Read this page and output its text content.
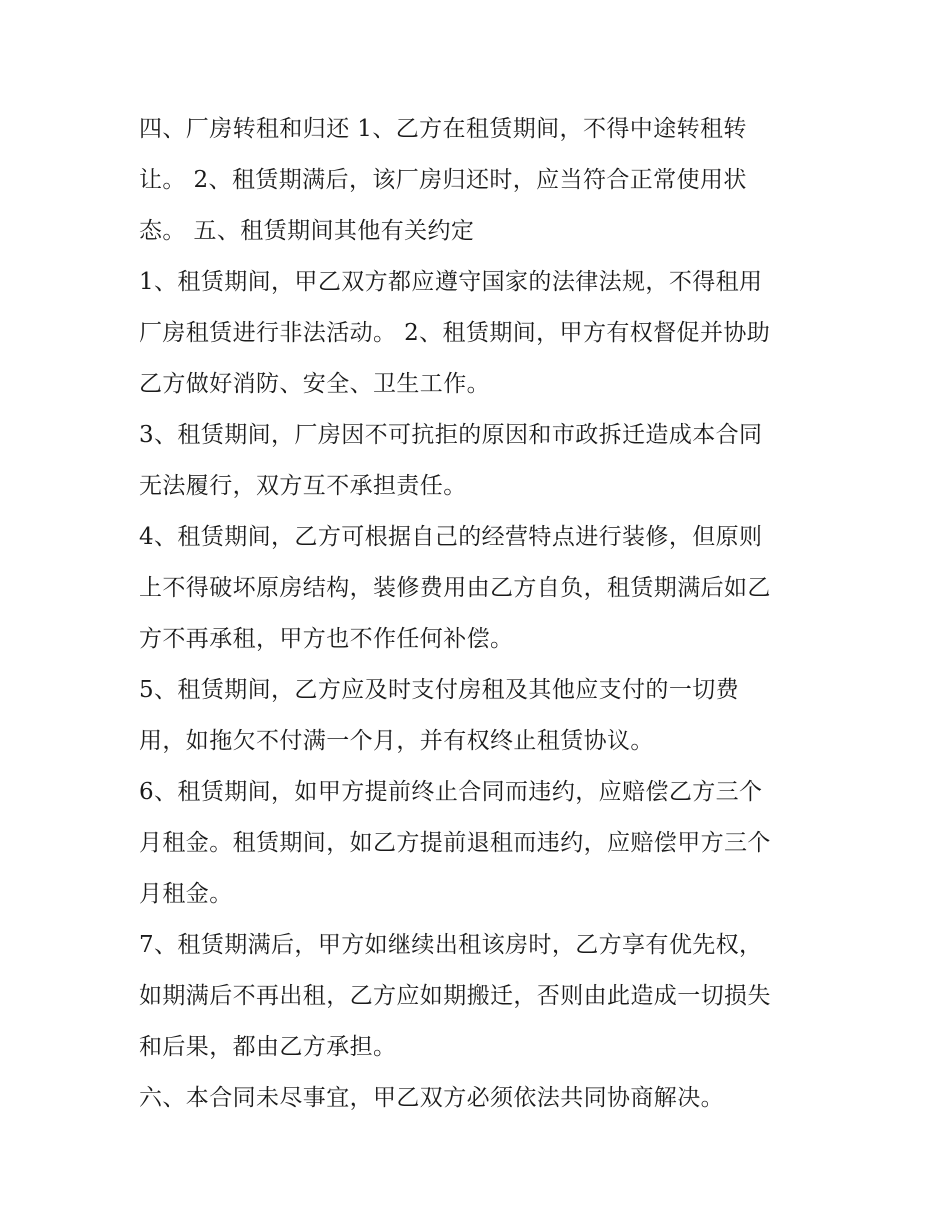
四、厂房转租和归还 1、乙方在租赁期间，不得中途转租转

让。 2、租赁期满后，该厂房归还时，应当符合正常使用状

态。 五、租赁期间其他有关约定

1、租赁期间，甲乙双方都应遵守国家的法律法规，不得租用

厂房租赁进行非法活动。 2、租赁期间，甲方有权督促并协助

乙方做好消防、安全、卫生工作。

3、租赁期间，厂房因不可抗拒的原因和市政拆迁造成本合同

无法履行，双方互不承担责任。

4、租赁期间，乙方可根据自己的经营特点进行装修，但原则

上不得破坏原房结构，装修费用由乙方自负，租赁期满后如乙

方不再承租，甲方也不作任何补偿。

5、租赁期间，乙方应及时支付房租及其他应支付的一切费

用，如拖欠不付满一个月，并有权终止租赁协议。

6、租赁期间，如甲方提前终止合同而违约，应赔偿乙方三个

月租金。租赁期间，如乙方提前退租而违约，应赔偿甲方三个

月租金。

7、租赁期满后，甲方如继续出租该房时，乙方享有优先权，

如期满后不再出租，乙方应如期搬迁，否则由此造成一切损失

和后果，都由乙方承担。

六、本合同未尽事宜，甲乙双方必须依法共同协商解决。
